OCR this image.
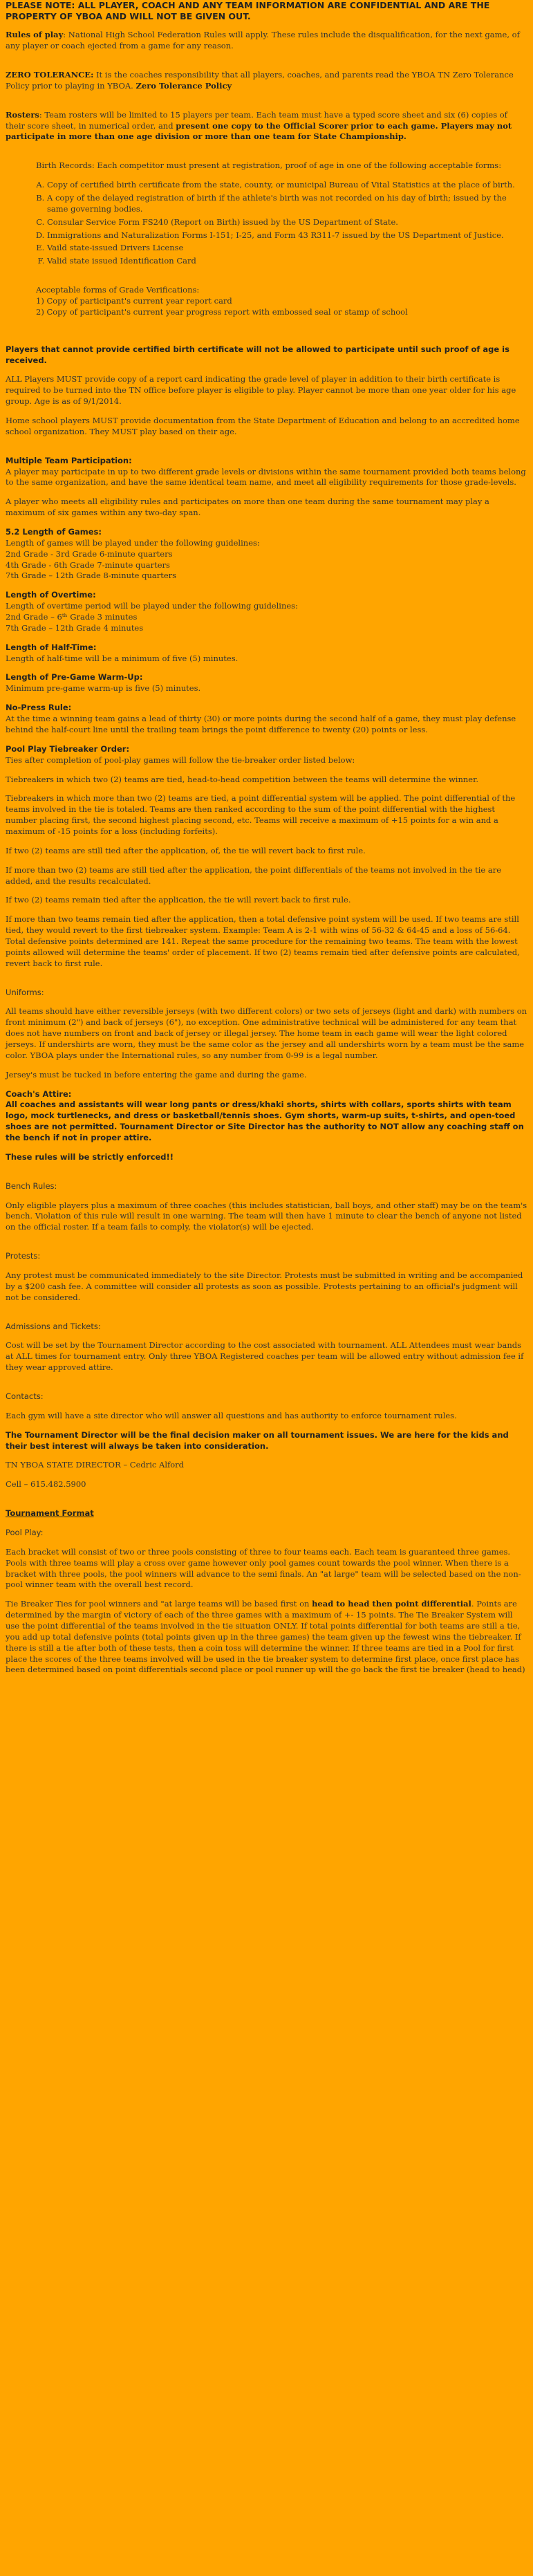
PLEASE NOTE: ALL PLAYER, COACH AND ANY TEAM INFORMATION ARE CONFIDENTIAL AND ARE THE PROPERTY OF YBOA AND WILL NOT BE GIVEN OUT.

Rules of play: National High School Federation Rules will apply. These rules include the disqualification, for the next game, of any player or coach ejected from a game for any reason.

ZERO TOLERANCE: It is the coaches responsibility that all players, coaches, and parents read the YBOA TN Zero Tolerance Policy prior to playing in YBOA. Zero Tolerance Policy

Rosters: Team rosters will be limited to 15 players per team. Each team must have a typed score sheet and six (6) copies of their score sheet, in numerical order, and present one copy to the Official Scorer prior to each game. Players may not participate in more than one age division or more than one team for State Championship.

Birth Records: Each competitor must present at registration, proof of age in one of the following acceptable forms:

A. Copy of certified birth certificate from the state, county, or municipal Bureau of Vital Statistics at the place of birth.
B. A copy of the delayed registration of birth if the athlete's birth was not recorded on his day of birth; issued by the same governing bodies.
C. Consular Service Form FS240 (Report on Birth) issued by the US Department of State.
D. Immigrations and Naturalization Forms I-151; I-25, and Form 43 R311-7 issued by the US Department of Justice.
E. Vaild state-issued Drivers License
F. Valid state issued Identification Card
Acceptable forms of Grade Verifications:
1) Copy of participant's current year report card
2) Copy of participant's current year progress report with embossed seal or stamp of school

Players that cannot provide certified birth certificate will not be allowed to participate until such proof of age is received.

ALL Players MUST provide copy of a report card indicating the grade level of player in addition to their birth certificate is required to be turned into the TN office before player is eligible to play. Player cannot be more than one year older for his age group. Age is as of 9/1/2014.

Home school players MUST provide documentation from the State Department of Education and belong to an accredited home school organization. They MUST play based on their age.

Multiple Team Participation:
A player may participate in up to two different grade levels or divisions within the same tournament provided both teams belong to the same organization, and have the same identical team name, and meet all eligibility requirements for those grade-levels.

A player who meets all eligibility rules and participates on more than one team during the same tournament may play a maximum of six games within any two-day span.

5.2 Length of Games:
Length of games will be played under the following guidelines:
2nd Grade - 3rd Grade 6-minute quarters
4th Grade - 6th Grade 7-minute quarters
7th Grade – 12th Grade 8-minute quarters
Length of Overtime:
Length of overtime period will be played under the following guidelines:
2nd Grade – 6ᵗʰ Grade 3 minutes
7th Grade – 12th Grade 4 minutes
Length of Half-Time:
Length of half-time will be a minimum of five (5) minutes.
Length of Pre-Game Warm-Up:
Minimum pre-game warm-up is five (5) minutes.
No-Press Rule:
At the time a winning team gains a lead of thirty (30) or more points during the second half of a game, they must play defense behind the half-court line until the trailing team brings the point difference to twenty (20) points or less.
Pool Play Tiebreaker Order:
Ties after completion of pool-play games will follow the tie-breaker order listed below:

Tiebreakers in which two (2) teams are tied, head-to-head competition between the teams will determine the winner.

Tiebreakers in which more than two (2) teams are tied, a point differential system will be applied. The point differential of the teams involved in the tie is totaled. Teams are then ranked according to the sum of the point differential with the highest number placing first, the second highest placing second, etc. Teams will receive a maximum of +15 points for a win and a maximum of -15 points for a loss (including forfeits).

If two (2) teams are still tied after the application, of, the tie will revert back to first rule.

If more than two (2) teams are still tied after the application, the point differentials of the teams not involved in the tie are added, and the results recalculated.

If two (2) teams remain tied after the application, the tie will revert back to first rule.

If more than two teams remain tied after the application, then a total defensive point system will be used. If two teams are still tied, they would revert to the first tiebreaker system. Example: Team A is 2-1 with wins of 56-32 & 64-45 and a loss of 56-64. Total defensive points determined are 141. Repeat the same procedure for the remaining two teams. The team with the lowest points allowed will determine the teams' order of placement. If two (2) teams remain tied after defensive points are calculated, revert back to first rule.

Uniforms:

All teams should have either reversible jerseys (with two different colors) or two sets of jerseys (light and dark) with numbers on front minimum (2") and back of jerseys (6"), no exception. One administrative technical will be administered for any team that does not have numbers on front and back of jersey or illegal jersey. The home team in each game will wear the light colored jerseys. If undershirts are worn, they must be the same color as the jersey and all undershirts worn by a team must be the same color. YBOA plays under the International rules, so any number from 0-99 is a legal number.

Jersey's must be tucked in before entering the game and during the game.

Coach's Attire:

All coaches and assistants will wear long pants or dress/khaki shorts, shirts with collars, sports shirts with team logo, mock turtlenecks, and dress or basketball/tennis shoes. Gym shorts, warm-up suits, t-shirts, and open-toed shoes are not permitted. Tournament Director or Site Director has the authority to NOT allow any coaching staff on the bench if not in proper attire.

These rules will be strictly enforced!!

Bench Rules:

Only eligible players plus a maximum of three coaches (this includes statistician, ball boys, and other staff) may be on the team's bench. Violation of this rule will result in one warning. The team will then have 1 minute to clear the bench of anyone not listed on the official roster. If a team fails to comply, the violator(s) will be ejected.

Protests:

Any protest must be communicated immediately to the site Director. Protests must be submitted in writing and be accompanied by a $200 cash fee. A committee will consider all protests as soon as possible. Protests pertaining to an official's judgment will not be considered.

Admissions and Tickets:

Cost will be set by the Tournament Director according to the cost associated with tournament. ALL Attendees must wear bands at ALL times for tournament entry. Only three YBOA Registered coaches per team will be allowed entry without admission fee if they wear approved attire.

Contacts:

Each gym will have a site director who will answer all questions and has authority to enforce tournament rules.

The Tournament Director will be the final decision maker on all tournament issues. We are here for the kids and their best interest will always be taken into consideration.

TN YBOA STATE DIRECTOR – Cedric Alford

Cell – 615.482.5900

Tournament Format

Pool Play:

Each bracket will consist of two or three pools consisting of three to four teams each. Each team is guaranteed three games. Pools with three teams will play a cross over game however only pool games count towards the pool winner. When there is a bracket with three pools, the pool winners will advance to the semi finals. An "at large" team will be selected based on the non-pool winner team with the overall best record.

Tie Breaker Ties for pool winners and "at large teams will be based first on head to head then point differential. Points are determined by the margin of victory of each of the three games with a maximum of +- 15 points. The Tie Breaker System will use the point differential of the teams involved in the tie situation ONLY. If total points differential for both teams are still a tie, you add up total defensive points (total points given up in the three games) the team given up the fewest wins the tiebreaker. If there is still a tie after both of these tests, then a coin toss will determine the winner. If three teams are tied in a Pool for first place the scores of the three teams involved will be used in the tie breaker system to determine first place, once first place has been determined based on point differentials second place or pool runner up will the go back the first tie breaker (head to head)
